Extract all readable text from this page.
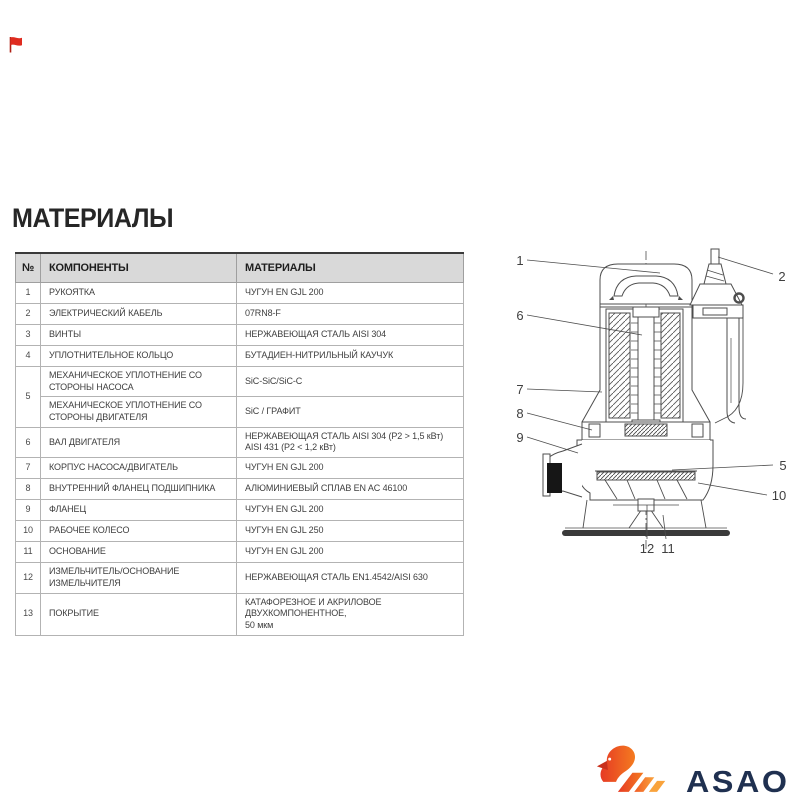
МАТЕРИАЛЫ
№	КОМПОНЕНТЫ	МАТЕРИАЛЫ
1	РУКОЯТКА	ЧУГУН EN GJL 200

2	ЭЛЕКТРИЧЕСКИЙ КАБЕЛЬ	07RN8-F

3	ВИНТЫ	НЕРЖАВЕЮЩАЯ СТАЛЬ AISI 304

4	УПЛОТНИТЕЛЬНОЕ КОЛЬЦО	БУТАДИЕН-НИТРИЛЬНЫЙ КАУЧУК

5	МЕХАНИЧЕСКОЕ УПЛОТНЕНИЕ СО СТОРОНЫ НАСОСА	SiC-SiC/SiC-C

	МЕХАНИЧЕСКОЕ УПЛОТНЕНИЕ СО СТОРОНЫ ДВИГАТЕЛЯ	SiC / ГРАФИТ

6	ВАЛ ДВИГАТЕЛЯ	НЕРЖАВЕЮЩАЯ СТАЛЬ AISI 304 (P2 > 1,5 кВт)
AISI 431 (P2 < 1,2 кВт)

7	КОРПУС НАСОСА/ДВИГАТЕЛЬ	ЧУГУН EN GJL 200

8	ВНУТРЕННИЙ ФЛАНЕЦ ПОДШИПНИКА	АЛЮМИНИЕВЫЙ СПЛАВ EN AC 46100

9	ФЛАНЕЦ	ЧУГУН EN GJL 200

10	РАБОЧЕЕ КОЛЕСО	ЧУГУН EN GJL 250

11	ОСНОВАНИЕ	ЧУГУН EN GJL 200

12	ИЗМЕЛЬЧИТЕЛЬ/ОСНОВАНИЕ ИЗМЕЛЬЧИТЕЛЯ	НЕРЖАВЕЮЩАЯ СТАЛЬ EN1.4542/AISI 630

13	ПОКРЫТИЕ	КАТАФОРЕЗНОЕ И АКРИЛОВОЕ ДВУХКОМПОНЕНТНОЕ,
50 мкм
1
2
6
7
8
9
5
10
12 11
ASAO
